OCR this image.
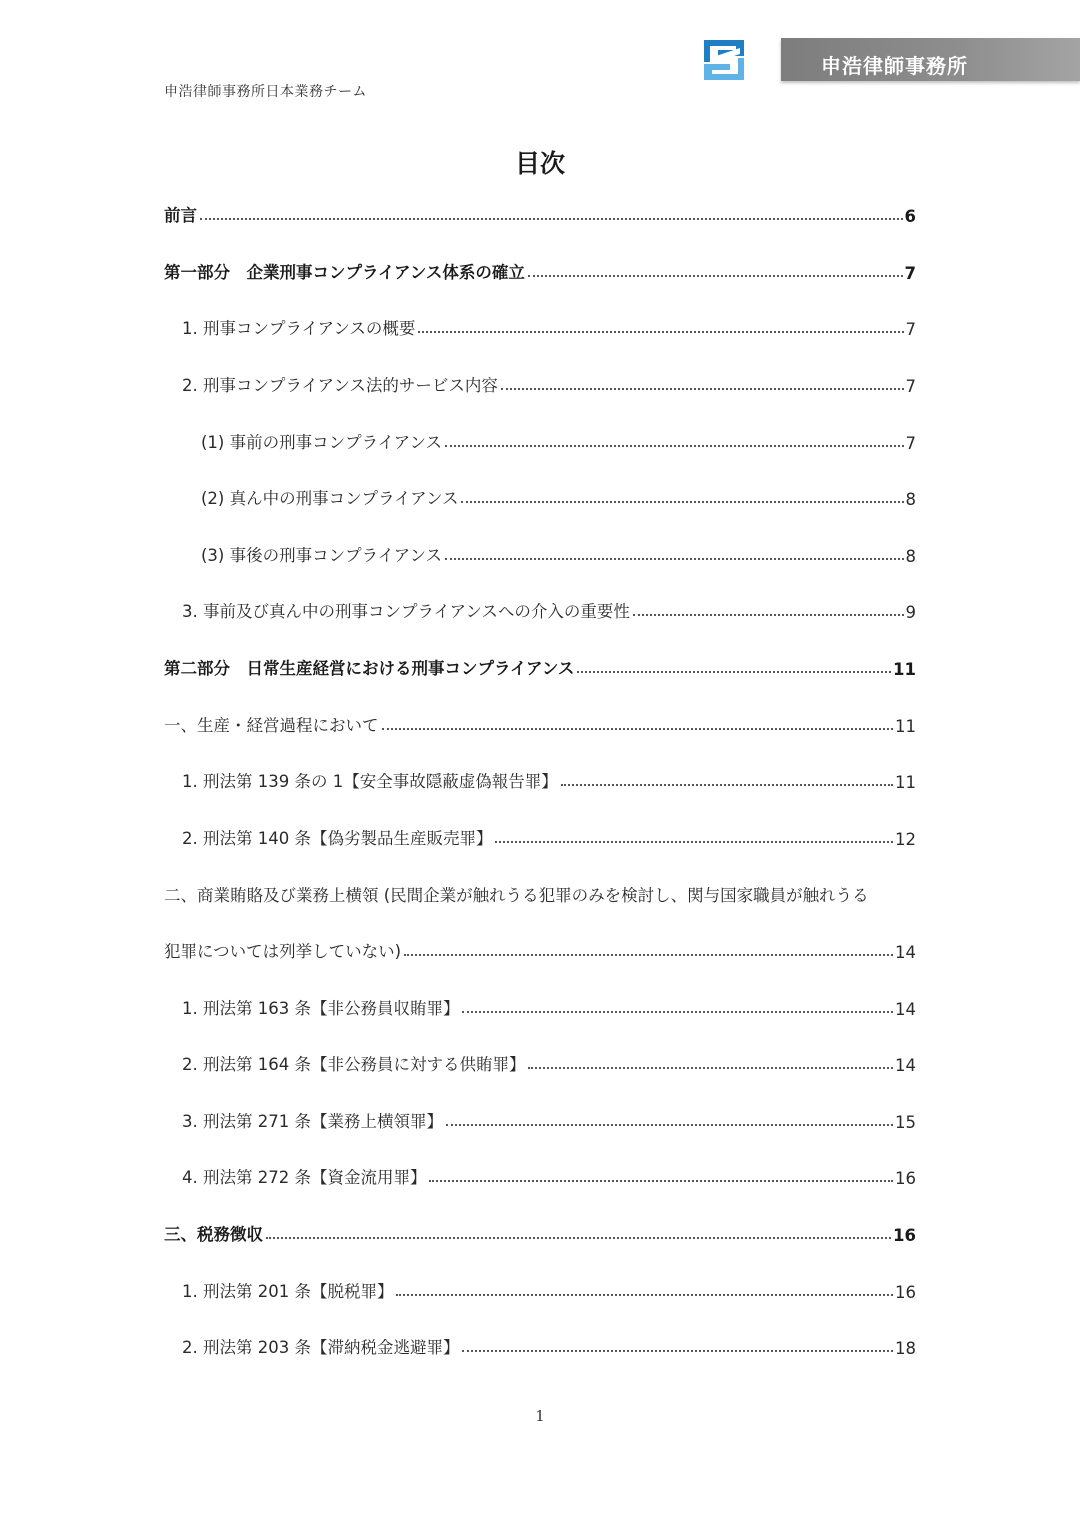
申浩律師事務所日本業務チーム
申浩律師事務所
目次
前言	6
第一部分　企業刑事コンプライアンス体系の確立	7
1. 刑事コンプライアンスの概要	7
2. 刑事コンプライアンス法的サービス内容	7
(1) 事前の刑事コンプライアンス	7
(2) 真ん中の刑事コンプライアンス	8
(3) 事後の刑事コンプライアンス	8
3. 事前及び真ん中の刑事コンプライアンスへの介入の重要性	9
第二部分　日常生産経営における刑事コンプライアンス	11
一、生産・経営過程において	11
1. 刑法第 139 条の 1【安全事故隠蔽虚偽報告罪】	11
2. 刑法第 140 条【偽劣製品生産販売罪】	12
二、商業賄賂及び業務上横領 (民間企業が触れうる犯罪のみを検討し、関与国家職員が触れうる
犯罪については列挙していない)	14
1. 刑法第 163 条【非公務員収賄罪】	14
2. 刑法第 164 条【非公務員に対する供賄罪】	14
3. 刑法第 271 条【業務上横領罪】	15
4. 刑法第 272 条【資金流用罪】	16
三、税務徴収	16
1. 刑法第 201 条【脱税罪】	16
2. 刑法第 203 条【滞納税金逃避罪】	18
1
